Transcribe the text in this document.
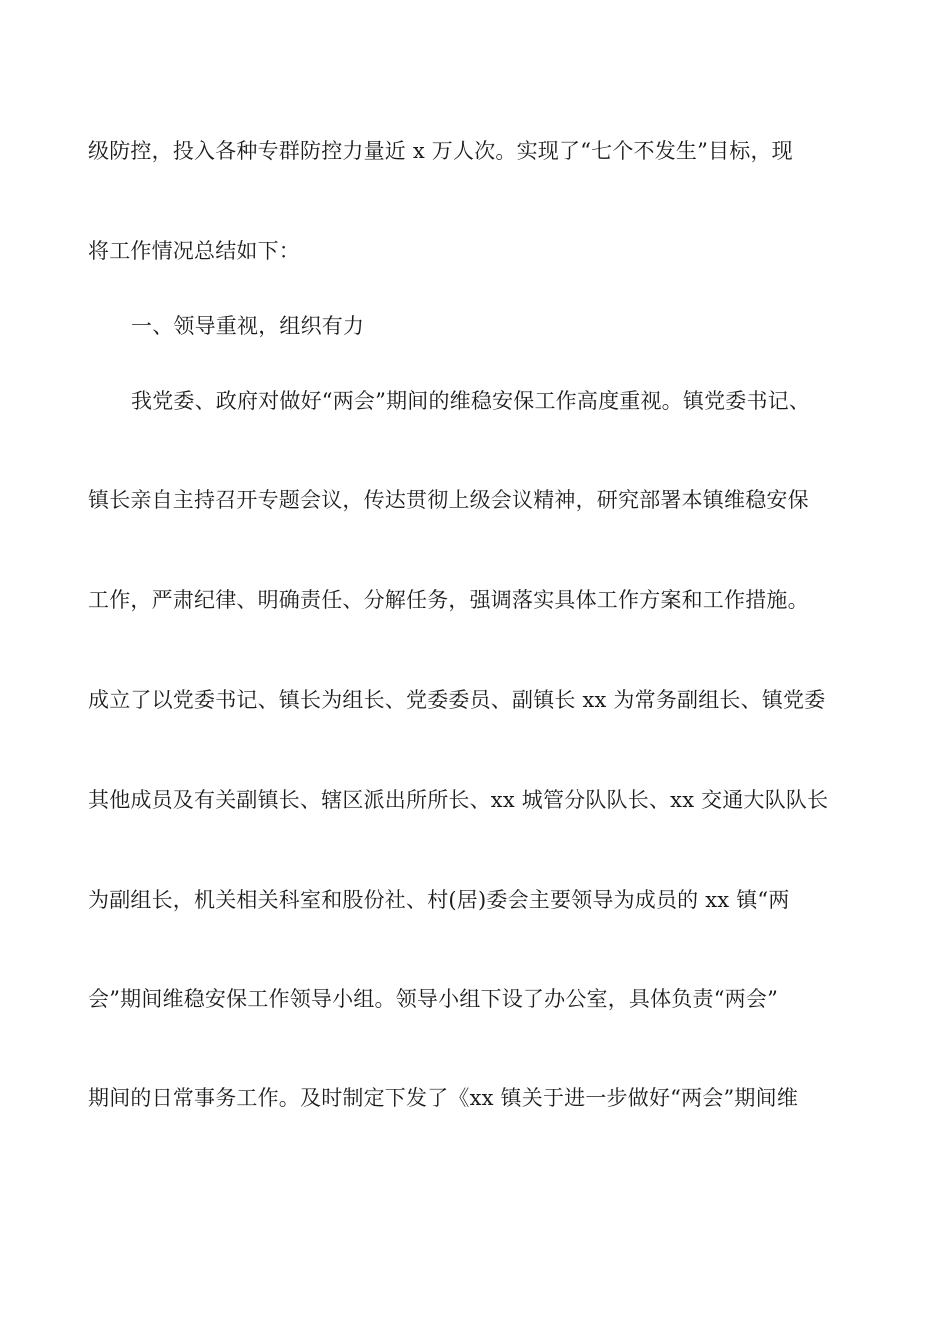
级防控，投入各种专群防控力量近 x 万人次。实现了“七个不发生”目标，现
将工作情况总结如下：
一、领导重视，组织有力
我党委、政府对做好“两会”期间的维稳安保工作高度重视。镇党委书记、
镇长亲自主持召开专题会议，传达贯彻上级会议精神，研究部署本镇维稳安保
工作，严肃纪律、明确责任、分解任务，强调落实具体工作方案和工作措施。
成立了以党委书记、镇长为组长、党委委员、副镇长 xx 为常务副组长、镇党委
其他成员及有关副镇长、辖区派出所所长、xx 城管分队队长、xx 交通大队队长
为副组长，机关相关科室和股份社、村(居)委会主要领导为成员的 xx 镇“两
会”期间维稳安保工作领导小组。领导小组下设了办公室，具体负责“两会”
期间的日常事务工作。及时制定下发了《xx 镇关于进一步做好“两会”期间维
